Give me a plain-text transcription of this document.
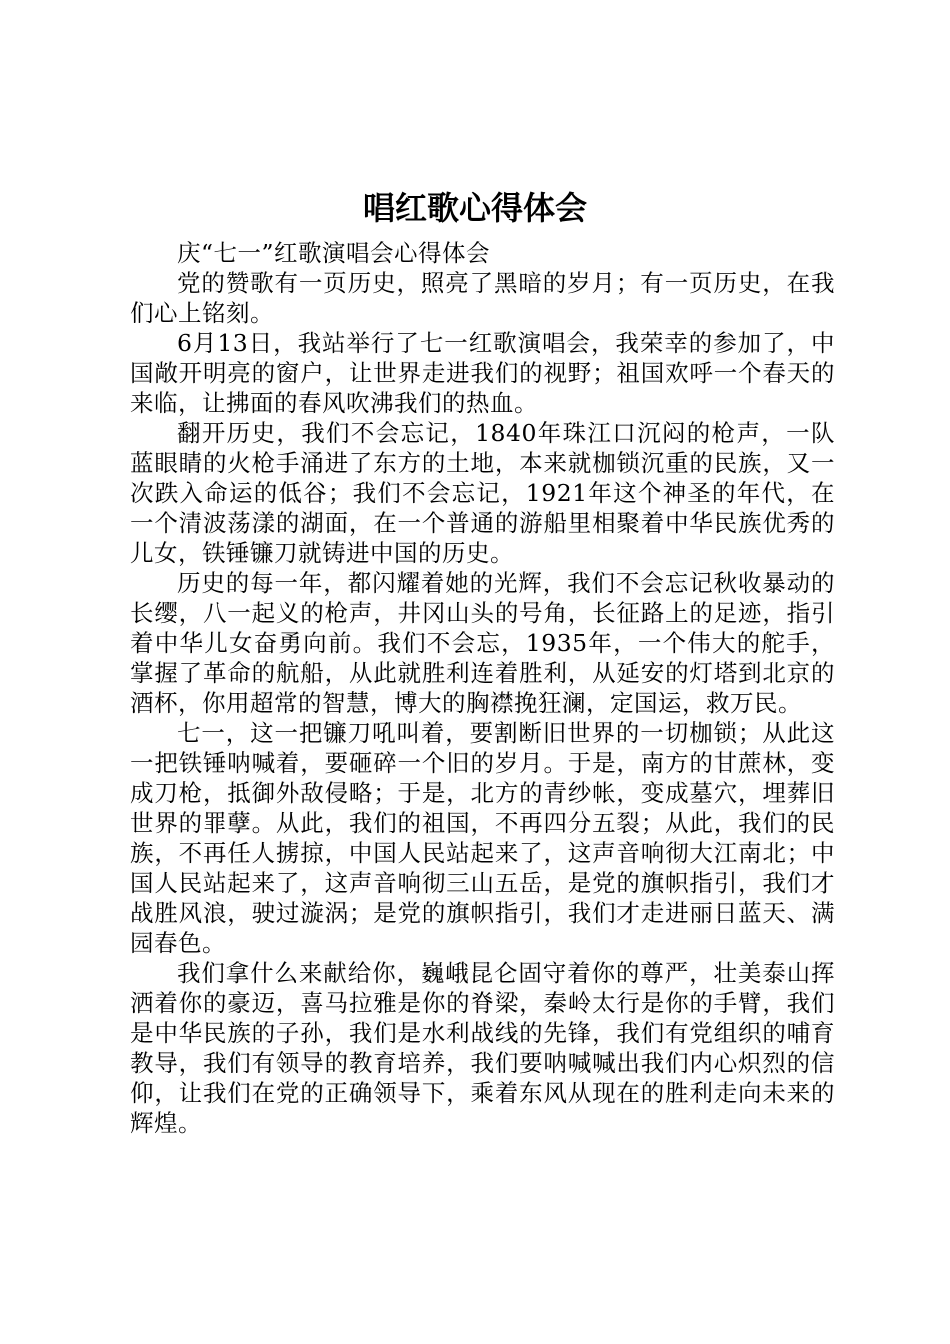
唱红歌心得体会

庆“七一”红歌演唱会心得体会

党的赞歌有一页历史，照亮了黑暗的岁月；有一页历史，在我们心上铭刻。

6月13日，我站举行了七一红歌演唱会，我荣幸的参加了，中国敞开明亮的窗户，让世界走进我们的视野；祖国欢呼一个春天的来临，让拂面的春风吹沸我们的热血。

翻开历史，我们不会忘记，1840年珠江口沉闷的枪声，一队蓝眼睛的火枪手涌进了东方的土地，本来就枷锁沉重的民族，又一次跌入命运的低谷；我们不会忘记，1921年这个神圣的年代，在一个清波荡漾的湖面，在一个普通的游船里相聚着中华民族优秀的儿女，铁锤镰刀就铸进中国的历史。

历史的每一年，都闪耀着她的光辉，我们不会忘记秋收暴动的长缨，八一起义的枪声，井冈山头的号角，长征路上的足迹，指引着中华儿女奋勇向前。我们不会忘，1935年，一个伟大的舵手，掌握了革命的航船，从此就胜利连着胜利，从延安的灯塔到北京的酒杯，你用超常的智慧，博大的胸襟挽狂澜，定国运，救万民。

七一，这一把镰刀吼叫着，要割断旧世界的一切枷锁；从此这一把铁锤呐喊着，要砸碎一个旧的岁月。于是，南方的甘蔗林，变成刀枪，抵御外敌侵略；于是，北方的青纱帐，变成墓穴，埋葬旧世界的罪孽。从此，我们的祖国，不再四分五裂；从此，我们的民族，不再任人掳掠，中国人民站起来了，这声音响彻大江南北；中国人民站起来了，这声音响彻三山五岳，是党的旗帜指引，我们才战胜风浪，驶过漩涡；是党的旗帜指引，我们才走进丽日蓝天、满园春色。

我们拿什么来献给你，巍峨昆仑固守着你的尊严，壮美泰山挥洒着你的豪迈，喜马拉雅是你的脊梁，秦岭太行是你的手臂，我们是中华民族的子孙，我们是水利战线的先锋，我们有党组织的哺育教导，我们有领导的教育培养，我们要呐喊喊出我们内心炽烈的信仰，让我们在党的正确领导下，乘着东风从现在的胜利走向未来的辉煌。
